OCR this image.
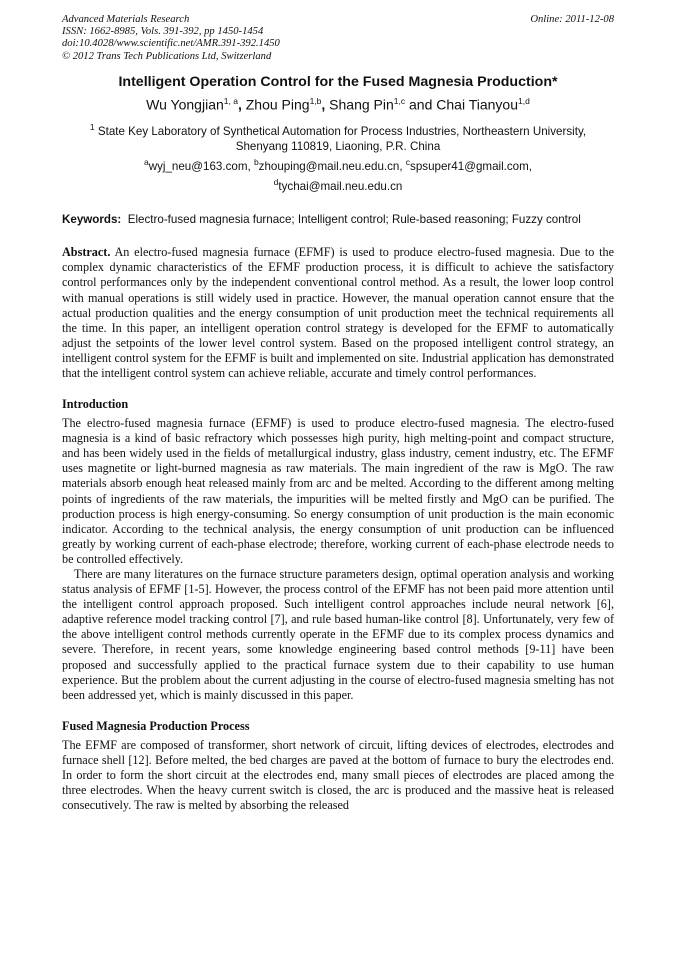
Advanced Materials Research	Online: 2011-12-08
ISSN: 1662-8985, Vols. 391-392, pp 1450-1454
doi:10.4028/www.scientific.net/AMR.391-392.1450
© 2012 Trans Tech Publications Ltd, Switzerland
Intelligent Operation Control for the Fused Magnesia Production*
Wu Yongjian$^{1, a}$, Zhou Ping$^{1,b}$, Shang Pin$^{1,c}$ and Chai Tianyou$^{1,d}$
$^1$ State Key Laboratory of Synthetical Automation for Process Industries, Northeastern University,
Shenyang 110819, Liaoning, P.R. China
$^a$wyj_neu@163.com, $^b$zhouping@mail.neu.edu.cn, $^c$spsuper41@gmail.com,
$^d$tychai@mail.neu.edu.cn
Keywords: Electro-fused magnesia furnace; Intelligent control; Rule-based reasoning; Fuzzy control

Abstract. An electro-fused magnesia furnace (EFMF) is used to produce electro-fused magnesia. Due to the complex dynamic characteristics of the EFMF production process, it is difficult to achieve the satisfactory control performances only by the independent conventional control method. As a result, the lower loop control with manual operations is still widely used in practice. However, the manual operation cannot ensure that the actual production qualities and the energy consumption of unit production meet the technical requirements all the time. In this paper, an intelligent operation control strategy is developed for the EFMF to automatically adjust the setpoints of the lower level control system. Based on the proposed intelligent control strategy, an intelligent control system for the EFMF is built and implemented on site. Industrial application has demonstrated that the intelligent control system can achieve reliable, accurate and timely control performances.

Introduction

The electro-fused magnesia furnace (EFMF) is used to produce electro-fused magnesia. The electro-fused magnesia is a kind of basic refractory which possesses high purity, high melting-point and compact structure, and has been widely used in the fields of metallurgical industry, glass industry, cement industry, etc. The EFMF uses magnetite or light-burned magnesia as raw materials. The main ingredient of the raw is MgO. The raw materials absorb enough heat released mainly from arc and be melted. According to the different among melting points of ingredients of the raw materials, the impurities will be melted firstly and MgO can be purified. The production process is high energy-consuming. So energy consumption of unit production is the main economic indicator. According to the technical analysis, the energy consumption of unit production can be influenced greatly by working current of each-phase electrode; therefore, working current of each-phase electrode needs to be controlled effectively.

There are many literatures on the furnace structure parameters design, optimal operation analysis and working status analysis of EFMF [1-5]. However, the process control of the EFMF has not been paid more attention until the intelligent control approach proposed. Such intelligent control approaches include neural network [6], adaptive reference model tracking control [7], and rule based human-like control [8]. Unfortunately, very few of the above intelligent control methods currently operate in the EFMF due to its complex process dynamics and severe. Therefore, in recent years, some knowledge engineering based control methods [9-11] have been proposed and successfully applied to the practical furnace system due to their capability to use human experience. But the problem about the current adjusting in the course of electro-fused magnesia smelting has not been addressed yet, which is mainly discussed in this paper.

Fused Magnesia Production Process

The EFMF are composed of transformer, short network of circuit, lifting devices of electrodes, electrodes and furnace shell [12]. Before melted, the bed charges are paved at the bottom of furnace to bury the electrodes end. In order to form the short circuit at the electrodes end, many small pieces of electrodes are placed among the three electrodes. When the heavy current switch is closed, the arc is produced and the massive heat is released consecutively. The raw is melted by absorbing the released
